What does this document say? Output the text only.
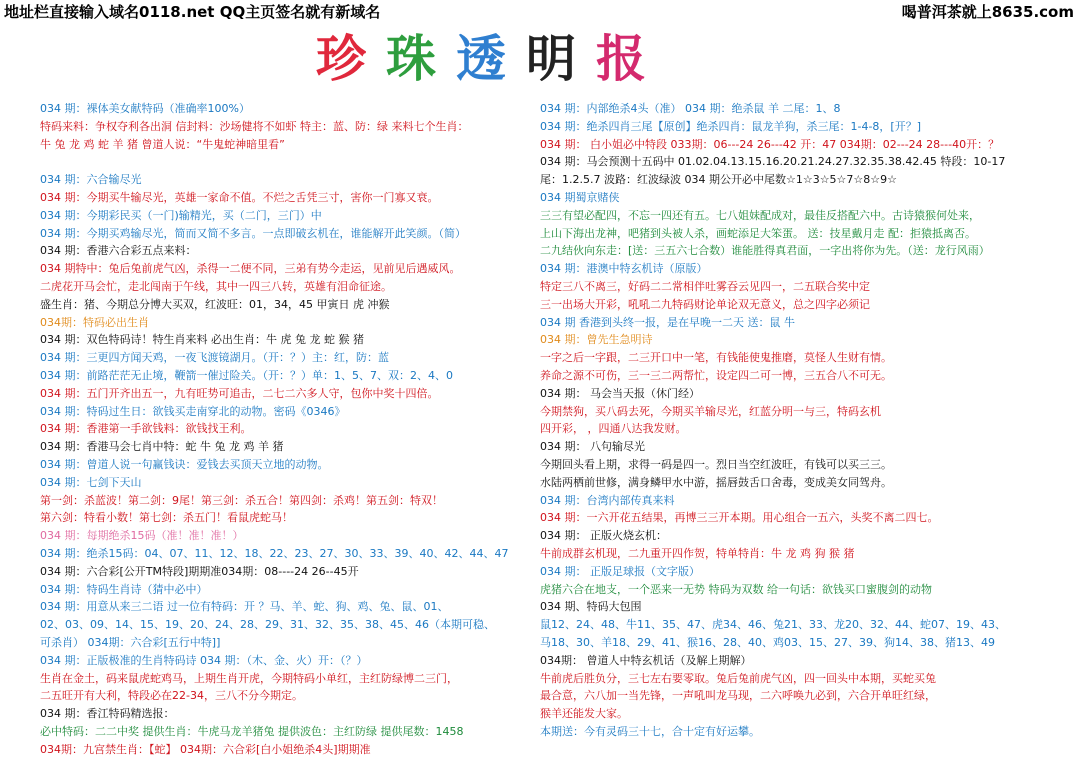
地址栏直接输入域名0118.net QQ主页签名就有新域名	喝普洱茶就上8635.com
珍 珠 透 明 报
034 期：裸体美女献特码（准确率100%）
特码来料：争权夺利各出洞 信封料：沙场健将不如虾 特主：蓝、防：绿 来料七个生肖：
牛 兔 龙 鸡 蛇 羊 猪 曾道人说：“牛鬼蛇神暗里看”
034 期：六合输尽光
034 期：今期买牛输尽光，英雄一家命不值。不烂之舌凭三寸，害你一门寡又衰。
034 期：今期彩民买（一门)输精光，买（二门，三门）中
034 期：今期买鸡输尽光，简而又简不多言。一点即破玄机在，谁能解开此笑颜。（简）
034 期：香港六合彩五点来料：
034 期特中：兔后兔前虎气凶，杀得一二便不同，三弟有势今走运，见前见后遇威风。
二虎花开马会忙，走北闯南于午线，其中一四三八转，英雄有泪命征途。
盛生肖：猪、今期总分博大买双，红波旺：01，34，45 甲寅日 虎 冲猴
034期：特码必出生肖
034 期：双色特码诗！特生肖来料 必出生肖：牛 虎 兔 龙 蛇 猴 猪
034 期：三更四方闻天鸡，一夜飞渡镜湖月。（开：？）主：红，防：蓝
034 期：前路茫茫无止境，鞭箭一催过险关。（开：？）单：1、5、7、双：2、4、0
034 期：五门开齐出五一，九有旺势可追击，二七二六多人守，包你中奖十四倍。
034 期：特码过生日：欲钱买走南穿北的动物。密码《0346》
034 期：香港第一手欲钱料：欲钱找王利。
034 期：香港马会七肖中特：蛇 牛 兔 龙 鸡 羊 猪
034 期：曾道人说一句赢钱诀：爱钱去买顶天立地的动物。
034 期：七剑下天山
第一剑：杀蓝波！第二剑：9尾！第三剑：杀五合！第四剑：杀鸡！第五剑：特双！
第六剑：特看小数！第七剑：杀五门！看鼠虎蛇马！
034 期：每期绝杀15码（准！准！准！）
034 期：绝杀15码：04、07、11、12、18、22、23、27、30、33、39、40、42、44、47
034 期：六合彩[公开TM特段]期期准034期：08----24 26--45开
034 期：特码生肖诗（猜中必中）
034 期：用意从来三二语 过一位有特码：开 ？马、羊、蛇、狗、鸡、兔、鼠、01、
02、03、09、14、15、19、20、24、28、29、31、32、35、38、45、46（本期可稳、
可杀肖） 034期：六合彩[五行中特]]
034 期：正版极准的生肖特码诗 034 期：（木、金、火）开：（？）
生肖在金土，码来鼠虎蛇鸡马，上期生肖开虎，今期特码小单红，主红防绿博二三门，
二五旺开有大利，特段必在22-34，三八不分今期定。
034 期：香江特码精选报：
必中特码：二二中奖 提供生肖：牛虎马龙羊猪兔 提供波色：主红防绿 提供尾数：1458
034期：九宫禁生肖：【蛇】 034期：六合彩[白小姐绝杀4头]期期准
034 期：内部绝杀4头（准） 034 期：绝杀鼠 羊 二尾：1、8
034 期：绝杀四肖三尾【原创】绝杀四肖：鼠龙羊狗，杀三尾：1-4-8，[开？]
034 期： 白小姐必中特段 033期：06---24 26---42 开：47 034期：02---24 28---40开：？
034 期：马会预测十五码中 01.02.04.13.15.16.20.21.24.27.32.35.38.42.45 特段：10-17
尾：1.2.5.7 波路：红波绿波 034 期公开必中尾数☆1☆3☆5☆7☆8☆9☆
034 期蜀京赌侠
三三有望必配四，不忘一四还有五。七八姐妹配成对，最佳反搭配六中。古诗猿猴何处来，
上山下海出龙神，吧猪到头被人杀，画蛇添足大笨蛋。 送：技星戴月走 配：拒猿抵离否。
二九结伙向东走：[送：三五六七合数）谁能胜得真君面，一字出将你为先。（送：龙行风雨）
034 期：港澳中特玄机诗（原版）
特定三八不离三，好码二二常相伴吐雾吞云见四一，二五联合奖中定
三一出场大开彩，吼吼二九特码财论单论双无意义，总之四字必须记
034 期 香港到头终一报，是在早晚一二天 送：鼠 牛
034 期：曾先生急明诗
一字之后一字跟，二三开口中一笔，有钱能使鬼推磨，莫怪人生财有情。
养命之源不可伤，三一三二两帮忙，设定四二可一博，三五合八不可无。
034 期： 马会当天报（休门经）
今期禁狗，买八码去死，今期买羊输尽光，红蓝分明一与三，特码玄机
四开彩， ，四通八达我发财。
034 期： 八句输尽光
今期回头看上期，求得一码是四一。烈日当空红波旺，有钱可以买三三。
水陆两栖前世修，满身鳞甲水中游，摇唇鼓舌口舍毒，变成美女同驾舟。
034 期：台湾内部传真来料
034 期：一六开花五结果，再博三三开本期。用心组合一五六，头奖不离二四七。
034 期： 正版火烧玄机：
牛前成群玄机现，二九重开四作贺，特单特肖：牛 龙 鸡 狗 猴 猪
034 期： 正版足球报（文字版）
虎猪六合在地支，一个恶来一无势 特码为双数 给一句话：欲钱买口蜜腹剑的动物
034 期、特码大包围
鼠12、24、48、牛11、35、47、虎34、46、兔21、33、龙20、32、44、蛇07、19、43、
马18、30、羊18、29、41、猴16、28、40、鸡03、15、27、39、狗14、38、猪13、49
034期： 曾道人中特玄机话（及解上期解）
牛前虎后胜负分，三七左右要零取。兔后兔前虎气凶，四一回头中本期，买蛇买兔
最合意，六八加一当先锋，一声吼叫龙马现，二六呼唤九必到，六合开单旺红绿，
猴羊还能发大家。
本期送：今有灵码三十七，合十定有好运攀。
